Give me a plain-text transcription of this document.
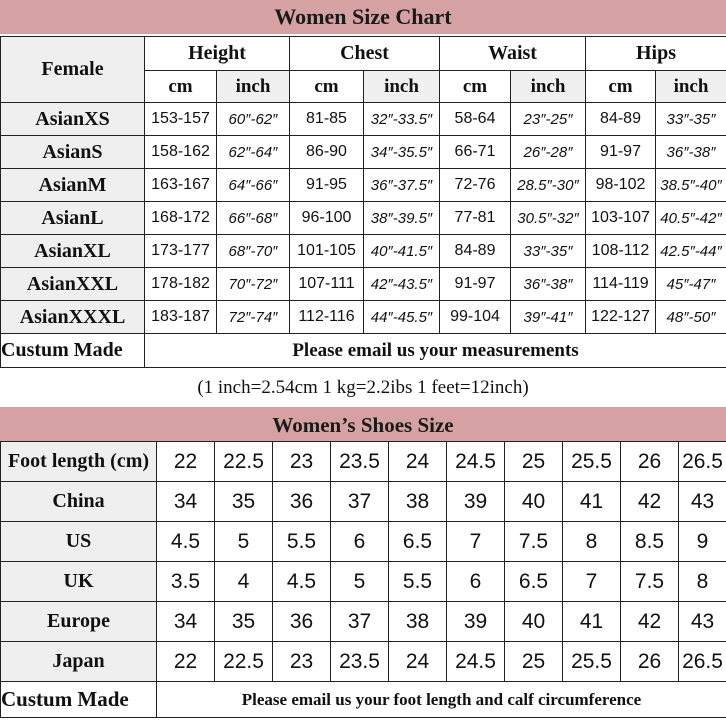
Women Size Chart
Female	Height		Chest		Waist		Hips	
	cm	inch	cm	inch	cm	inch	cm	inch
AsianXS	153-157	60″-62″	81-85	32″-33.5″	58-64	23″-25″	84-89	33″-35″
AsianS	158-162	62″-64″	86-90	34″-35.5″	66-71	26″-28″	91-97	36″-38″
AsianM	163-167	64″-66″	91-95	36″-37.5″	72-76	28.5″-30″	98-102	38.5″-40″
AsianL	168-172	66″-68″	96-100	38″-39.5″	77-81	30.5″-32″	103-107	40.5″-42″
AsianXL	173-177	68″-70″	101-105	40″-41.5″	84-89	33″-35″	108-112	42.5″-44″
AsianXXL	178-182	70″-72″	107-111	42″-43.5″	91-97	36″-38″	114-119	45″-47″
AsianXXXL	183-187	72″-74″	112-116	44″-45.5″	99-104	39″-41″	122-127	48″-50″
Custum Made	Please email us your measurements							
(1 inch=2.54cm 1 kg=2.2ibs 1 feet=12inch)
Women’s Shoes Size
Foot length (cm)	22	22.5	23	23.5	24	24.5	25	25.5	26	26.5
China	34	35	36	37	38	39	40	41	42	43
US	4.5	5	5.5	6	6.5	7	7.5	8	8.5	9
UK	3.5	4	4.5	5	5.5	6	6.5	7	7.5	8
Europe	34	35	36	37	38	39	40	41	42	43
Japan	22	22.5	23	23.5	24	24.5	25	25.5	26	26.5
Custum Made	Please email us your foot length and calf circumference									
